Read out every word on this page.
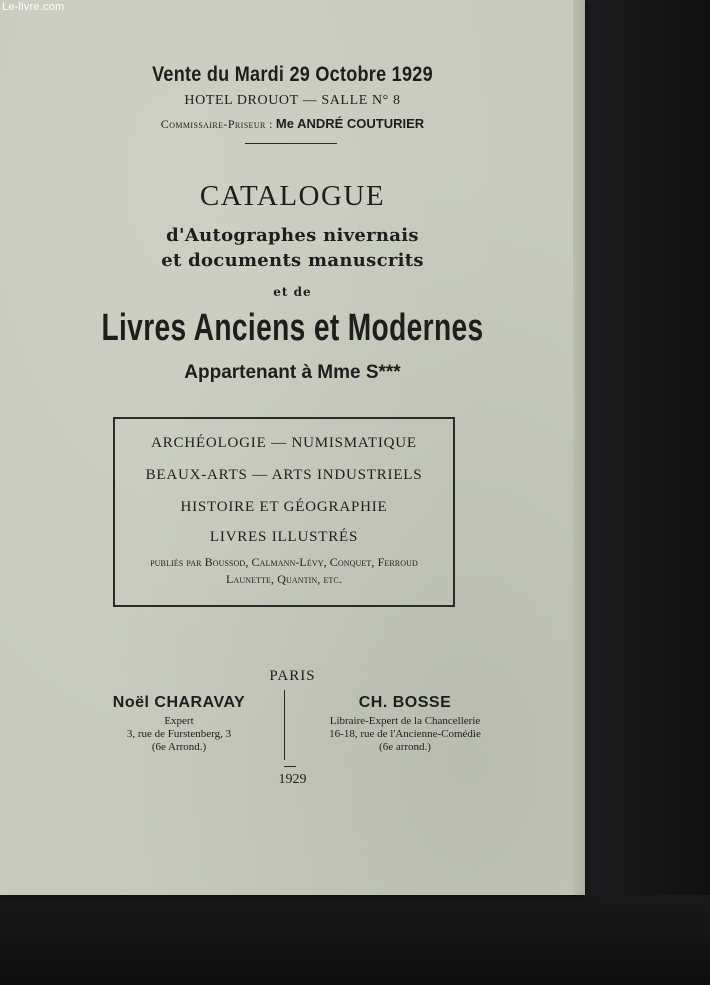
Le-livre.com
Vente du Mardi 29 Octobre 1929
HOTEL DROUOT — SALLE N° 8
Commissaire-Priseur : Me ANDRÉ COUTURIER
CATALOGUE
d'Autographes nivernais
et documents manuscrits
et de
Livres Anciens et Modernes
Appartenant à Mme S***
ARCHÉOLOGIE — NUMISMATIQUE
BEAUX-ARTS — ARTS INDUSTRIELS
HISTOIRE ET GÉOGRAPHIE
LIVRES ILLUSTRÉS
publiés par Boussod, Calmann-Lévy, Conquet, Ferroud
Launette, Quantin, etc.
PARIS
Noël CHARAVAY
Expert
3, rue de Furstenberg, 3
(6e Arrond.)
CH. BOSSE
Libraire-Expert de la Chancellerie
16-18, rue de l'Ancienne-Comédie
(6e arrond.)
1929
